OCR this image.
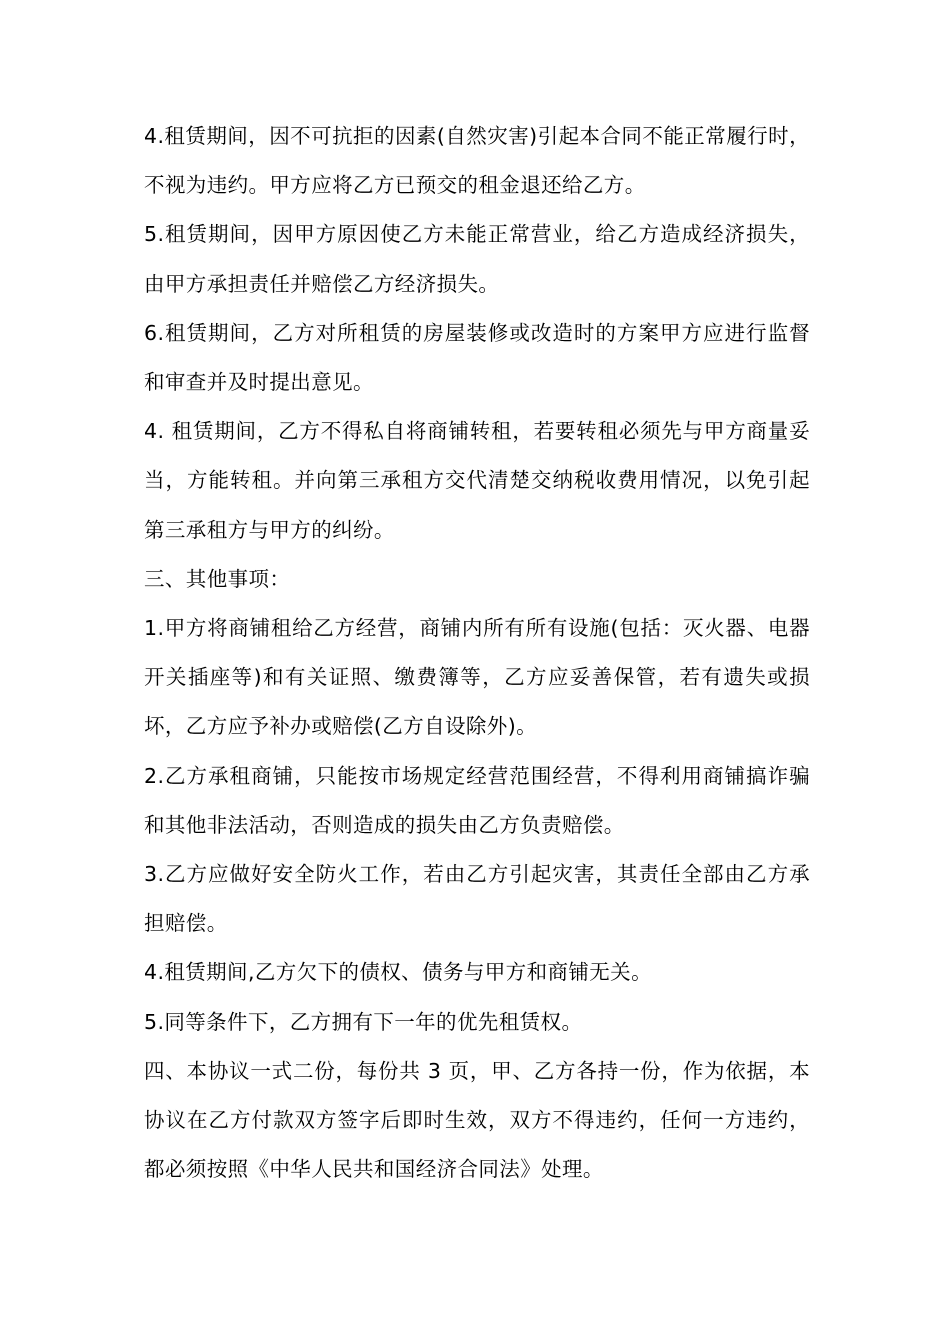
4.租赁期间，因不可抗拒的因素(自然灾害)引起本合同不能正常履行时，不视为违约。甲方应将乙方已预交的租金退还给乙方。

5.租赁期间，因甲方原因使乙方未能正常营业，给乙方造成经济损失，由甲方承担责任并赔偿乙方经济损失。

6.租赁期间，乙方对所租赁的房屋装修或改造时的方案甲方应进行监督和审查并及时提出意见。

4. 租赁期间，乙方不得私自将商铺转租，若要转租必须先与甲方商量妥当，方能转租。并向第三承租方交代清楚交纳税收费用情况，以免引起第三承租方与甲方的纠纷。

三、其他事项：

1.甲方将商铺租给乙方经营，商铺内所有所有设施(包括：灭火器、电器开关插座等)和有关证照、缴费簿等，乙方应妥善保管，若有遗失或损坏，乙方应予补办或赔偿(乙方自设除外)。

2.乙方承租商铺，只能按市场规定经营范围经营，不得利用商铺搞诈骗和其他非法活动，否则造成的损失由乙方负责赔偿。

3.乙方应做好安全防火工作，若由乙方引起灾害，其责任全部由乙方承担赔偿。

4.租赁期间,乙方欠下的债权、债务与甲方和商铺无关。

5.同等条件下，乙方拥有下一年的优先租赁权。

四、本协议一式二份，每份共 3 页，甲、乙方各持一份，作为依据，本协议在乙方付款双方签字后即时生效，双方不得违约，任何一方违约，都必须按照《中华人民共和国经济合同法》处理。
